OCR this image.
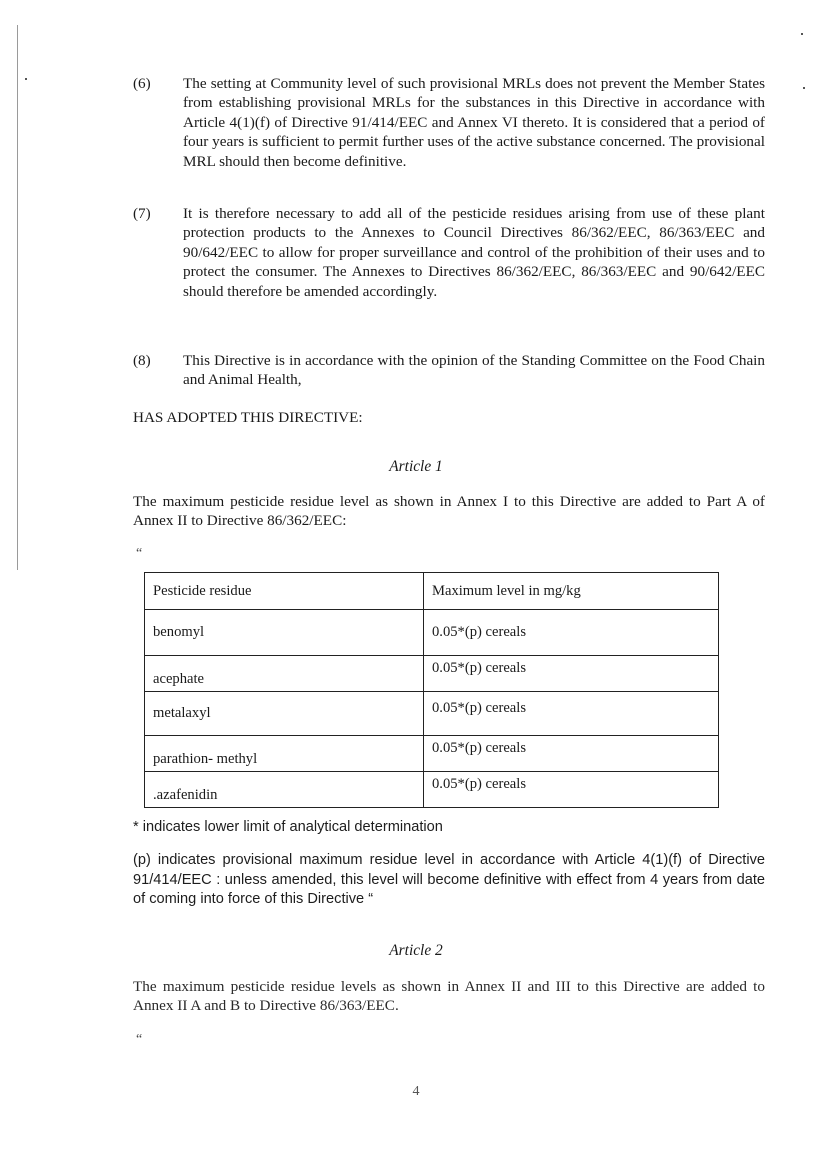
(6)	The setting at Community level of such provisional MRLs does not prevent the Member States from establishing provisional MRLs for the substances in this Directive in accordance with Article 4(1)(f) of Directive 91/414/EEC and Annex VI thereto. It is considered that a period of four years is sufficient to permit further uses of the active substance concerned. The provisional MRL should then become definitive.
(7)	It is therefore necessary to add all of the pesticide residues arising from use of these plant protection products to the Annexes to Council Directives 86/362/EEC, 86/363/EEC and 90/642/EEC to allow for proper surveillance and control of the prohibition of their uses and to protect the consumer. The Annexes to Directives 86/362/EEC, 86/363/EEC and 90/642/EEC should therefore be amended accordingly.
(8)	This Directive is in accordance with the opinion of the Standing Committee on the Food Chain and Animal Health,
HAS ADOPTED THIS DIRECTIVE:
Article 1
The maximum pesticide residue level as shown in Annex I to this Directive are added to Part A of Annex II to Directive 86/362/EEC:
“
Pesticide residue	Maximum level in mg/kg
benomyl	0.05*(p) cereals

acephate	0.05*(p) cereals

metalaxyl	0.05*(p) cereals

parathion- methyl	0.05*(p) cereals

.azafenidin	0.05*(p) cereals
* indicates lower limit of analytical determination
(p) indicates provisional maximum residue level in accordance with Article 4(1)(f) of Directive 91/414/EEC : unless amended, this level will become definitive with effect from 4 years from date of coming into force of this Directive “
Article 2
The maximum pesticide residue levels as shown in Annex II and III to this Directive are added to Annex II A and B to Directive 86/363/EEC.
“
4
